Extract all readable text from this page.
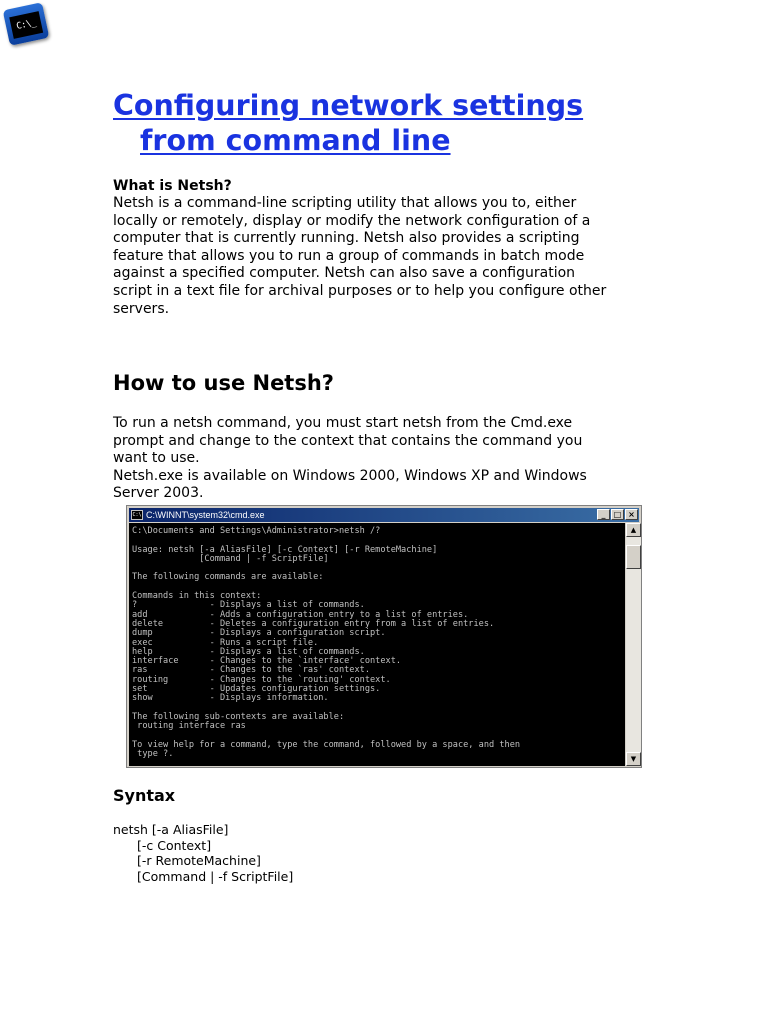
C:\_
Configuring network settings
from command line
What is Netsh?

Netsh is a command-line scripting utility that allows you to, either
locally or remotely, display or modify the network configuration of a
computer that is currently running. Netsh also provides a scripting
feature that allows you to run a group of commands in batch mode
against a specified computer. Netsh can also save a configuration
script in a text file for archival purposes or to help you configure other
servers.

How to use Netsh?

To run a netsh command, you must start netsh from the Cmd.exe
prompt and change to the context that contains the command you
want to use.
Netsh.exe is available on Windows 2000, Windows XP and Windows
Server 2003.

C:\ C:\WINNT\system32\cmd.exe	_	□ ×
C:\Documents and Settings\Administrator>netsh /?

Usage: netsh [-a AliasFile] [-c Context] [-r RemoteMachine]
[Command | -f ScriptFile]

The following commands are available:

Commands in this context:
?              - Displays a list of commands.
add            - Adds a configuration entry to a list of entries.
delete         - Deletes a configuration entry from a list of entries.
dump           - Displays a configuration script.
exec           - Runs a script file.
help           - Displays a list of commands.
interface      - Changes to the `interface' context.
ras            - Changes to the `ras' context.
routing        - Changes to the `routing' context.
set            - Updates configuration settings.
show           - Displays information.

The following sub-contexts are available:
routing interface ras

To view help for a command, type the command, followed by a space, and then
type ?.
▲
▼
Syntax
netsh [-a AliasFile]
[-c Context]
[-r RemoteMachine]
[Command | -f ScriptFile]
